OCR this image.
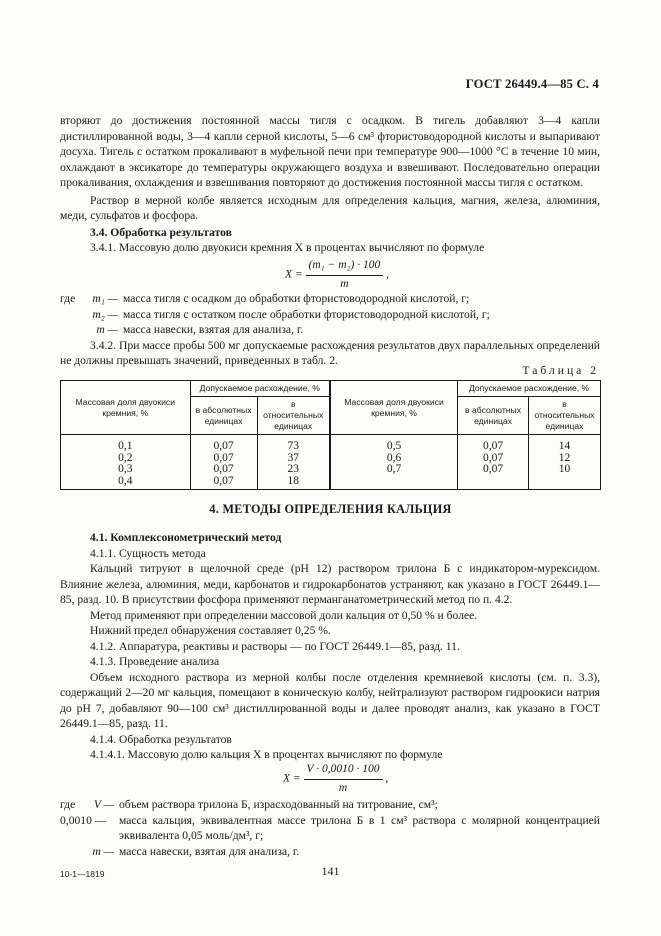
ГОСТ 26449.4—85 С. 4

вторяют до достижения постоянной массы тигля с осадком. В тигель добавляют 3—4 капли дистиллированной воды, 3—4 капли серной кислоты, 5—6 см³ фтористоводородной кислоты и выпаривают досуха. Тигель с остатком прокаливают в муфельной печи при температуре 900—1000 °С в течение 10 мин, охлаждают в эксикаторе до температуры окружающего воздуха и взвешивают. Последовательно операции прокаливания, охлаждения и взвешивания повторяют до достижения постоянной массы тигля с остатком.

Раствор в мерной колбе является исходным для определения кальция, магния, железа, алюминия, меди, сульфатов и фосфора.

3.4. Обработка результатов

3.4.1. Массовую долю двуокиси кремния X в процентах вычисляют по формуле

$X = \frac{\text{(m₁ − m₂) · 100}}{m}$ ,
где	m₁ — масса тигля с осадком до обработки фтористоводородной кислотой, г;
m₂ — масса тигля с остатком после обработки фтористоводородной кислотой, г;
m — масса навески, взятая для анализа, г.

3.4.2. При массе пробы 500 мг допускаемые расхождения результатов двух параллельных определений не должны превышать значений, приведенных в табл. 2.

Таблица 2
Массовая доля двуокиси кремния, %	Допускаемое расхождение, %		Массовая доля двуокиси кремния, %	Допускаемое расхождение, %	
	в абсолютных единицах	в относительных единицах		в абсолютных единицах	в относительных единицах
0,1	0,07	73	0,5	0,07	14
0,2	0,07	37	0,6	0,07	12
0,3	0,07	23	0,7	0,07	10
0,4	0,07	18			
4. МЕТОДЫ ОПРЕДЕЛЕНИЯ КАЛЬЦИЯ

4.1. Комплексонометрический метод

4.1.1. Сущность метода

Кальций титруют в щелочной среде (рН 12) раствором трилона Б с индикатором-мурексидом. Влияние железа, алюминия, меди, карбонатов и гидрокарбонатов устраняют, как указано в ГОСТ 26449.1—85, разд. 10. В присутствии фосфора применяют перманганатометрический метод по п. 4.2.

Метод применяют при определении массовой доли кальция от 0,50 % и более.

Нижний предел обнаружения составляет 0,25 %.

4.1.2. Аппаратура, реактивы и растворы — по ГОСТ 26449.1—85, разд. 11.

4.1.3. Проведение анализа

Объем исходного раствора из мерной колбы после отделения кремниевой кислоты (см. п. 3.3), содержащий 2—20 мг кальция, помещают в коническую колбу, нейтрализуют раствором гидроокиси натрия до рН 7, добавляют 90—100 см³ дистиллированной воды и далее проводят анализ, как указано в ГОСТ 26449.1—85, разд. 11.

4.1.4. Обработка результатов

4.1.4.1. Массовую долю кальция X в процентах вычисляют по формуле

$X = \frac{V \cdot 0,0010 \cdot 100}{m}$ ,
где	V — объем раствора трилона Б, израсходованный на титрование, см³;
0,0010 —	масса кальция, эквивалентная массе трилона Б в 1 см³ раствора с молярной концентрацией эквивалента 0,05 моль/дм³, г;
m — масса навески, взятая для анализа, г.
10-1—1819	141
